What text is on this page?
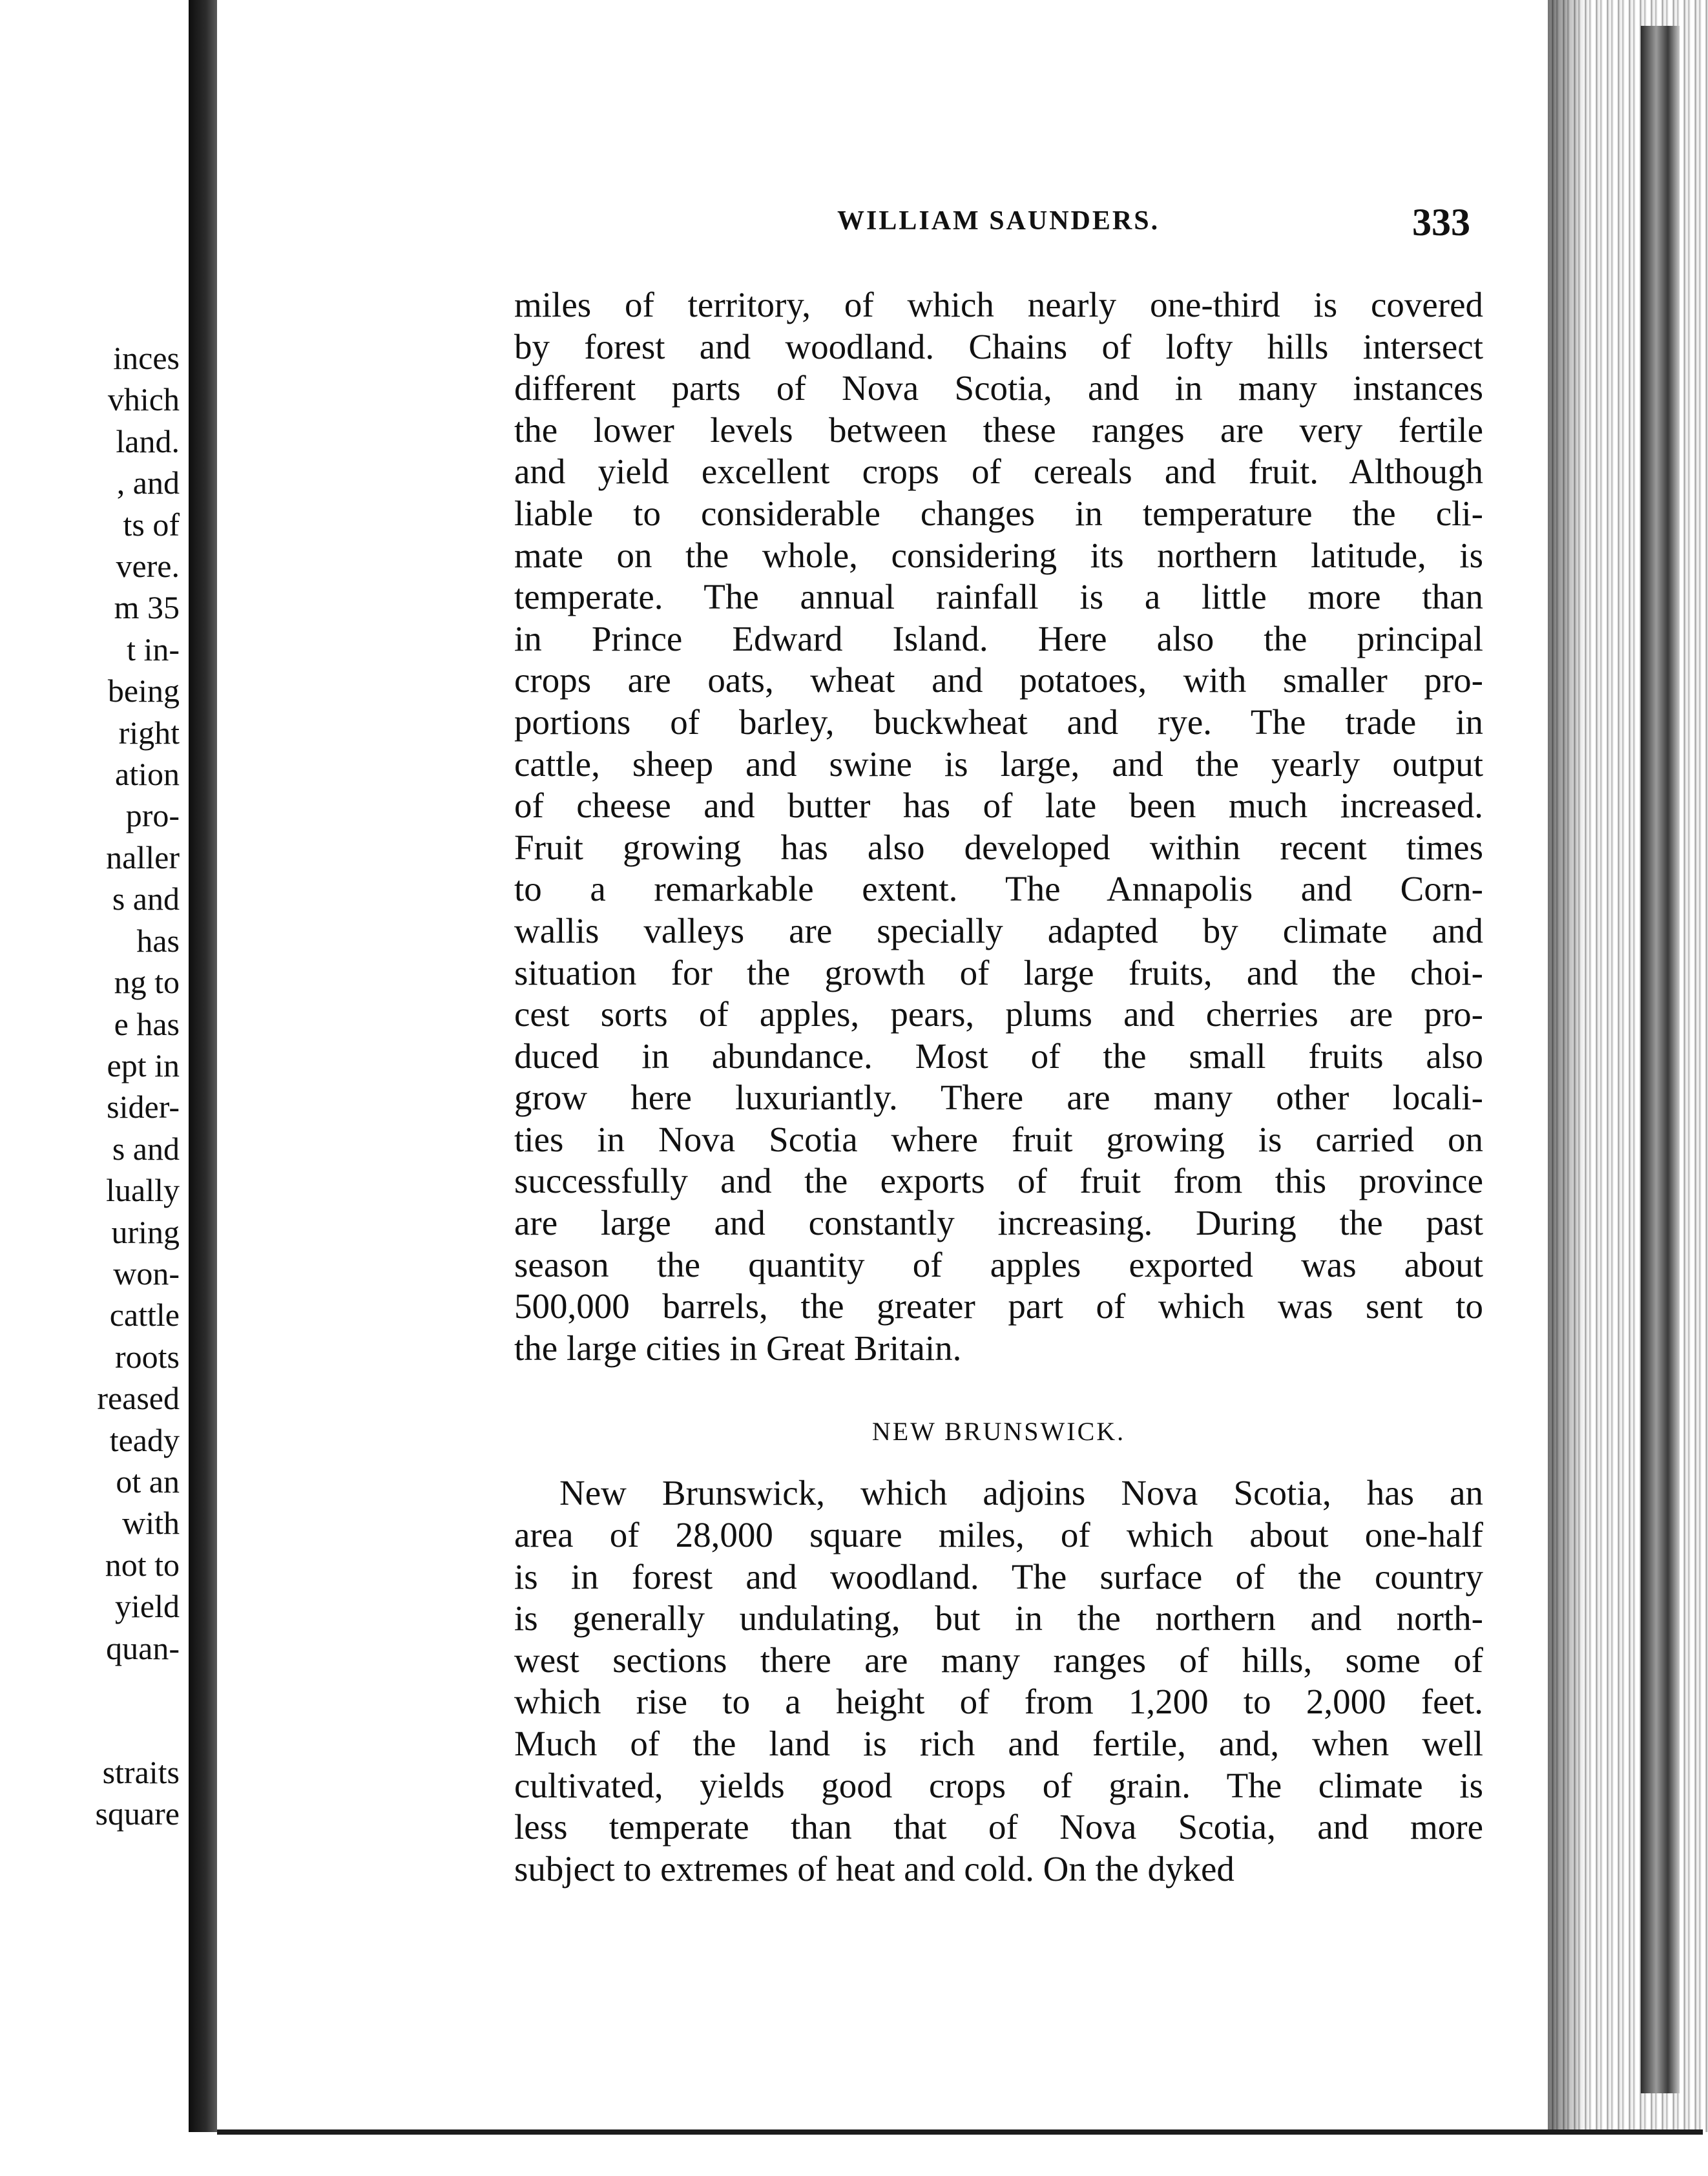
inces
vhich
land.
, and
ts of
vere.
m 35
t in-
being
right
ation
pro-
naller
s and
has
ng to
e has
ept in
sider-
s and
lually
uring
won-
cattle
roots
reased
teady
ot an
with
not to
yield
quan-
straits
square
WILLIAM SAUNDERS.	333
miles of territory, of which nearly one-third is covered
by forest and woodland. Chains of lofty hills intersect
different parts of Nova Scotia, and in many instances
the lower levels between these ranges are very fertile
and yield excellent crops of cereals and fruit. Although
liable to considerable changes in temperature the cli-
mate on the whole, considering its northern latitude, is
temperate. The annual rainfall is a little more than
in Prince Edward Island. Here also the principal
crops are oats, wheat and potatoes, with smaller pro-
portions of barley, buckwheat and rye. The trade in
cattle, sheep and swine is large, and the yearly output
of cheese and butter has of late been much increased.
Fruit growing has also developed within recent times
to a remarkable extent. The Annapolis and Corn-
wallis valleys are specially adapted by climate and
situation for the growth of large fruits, and the choi-
cest sorts of apples, pears, plums and cherries are pro-
duced in abundance. Most of the small fruits also
grow here luxuriantly. There are many other locali-
ties in Nova Scotia where fruit growing is carried on
successfully and the exports of fruit from this province
are large and constantly increasing. During the past
season the quantity of apples exported was about
500,000 barrels, the greater part of which was sent to
the large cities in Great Britain.
NEW BRUNSWICK.
New Brunswick, which adjoins Nova Scotia, has an
area of 28,000 square miles, of which about one-half
is in forest and woodland. The surface of the country
is generally undulating, but in the northern and north-
west sections there are many ranges of hills, some of
which rise to a height of from 1,200 to 2,000 feet.
Much of the land is rich and fertile, and, when well
cultivated, yields good crops of grain. The climate is
less temperate than that of Nova Scotia, and more
subject to extremes of heat and cold. On the dyked
